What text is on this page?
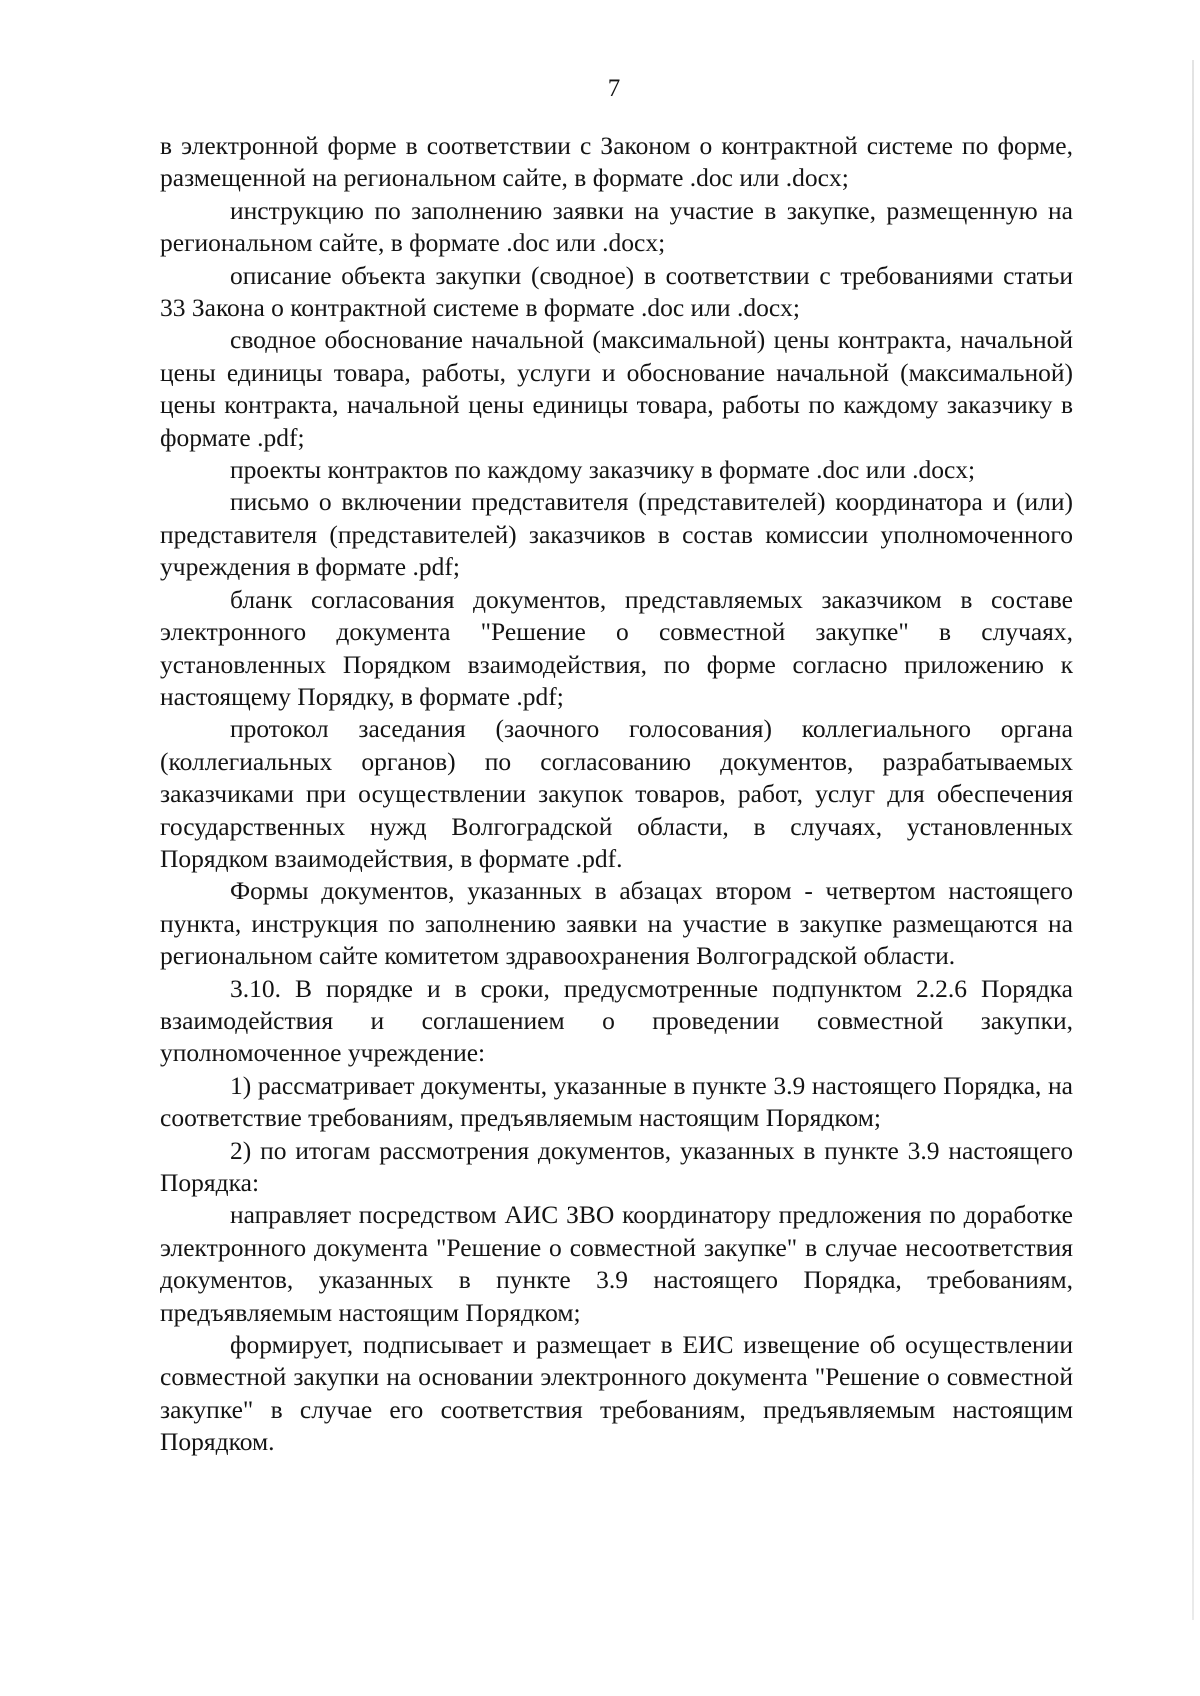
7

в электронной форме в соответствии с Законом о контрактной системе по форме, размещенной на региональном сайте, в формате .doc или .docx;

инструкцию по заполнению заявки на участие в закупке, размещенную на региональном сайте, в формате .doc или .docx;

описание объекта закупки (сводное) в соответствии с требованиями статьи 33 Закона о контрактной системе в формате .doc или .docx;

сводное обоснование начальной (максимальной) цены контракта, начальной цены единицы товара, работы, услуги и обоснование начальной (максимальной) цены контракта, начальной цены единицы товара, работы по каждому заказчику в формате .pdf;

проекты контрактов по каждому заказчику в формате .doc или .docx;

письмо о включении представителя (представителей) координатора и (или) представителя (представителей) заказчиков в состав комиссии уполномоченного учреждения в формате .pdf;

бланк согласования документов, представляемых заказчиком в составе электронного документа "Решение о совместной закупке" в случаях, установленных Порядком взаимодействия, по форме согласно приложению к настоящему Порядку, в формате .pdf;

протокол заседания (заочного голосования) коллегиального органа (коллегиальных органов) по согласованию документов, разрабатываемых заказчиками при осуществлении закупок товаров, работ, услуг для обеспечения государственных нужд Волгоградской области, в случаях, установленных Порядком взаимодействия, в формате .pdf.

Формы документов, указанных в абзацах втором - четвертом настоящего пункта, инструкция по заполнению заявки на участие в закупке размещаются на региональном сайте комитетом здравоохранения Волгоградской области.

3.10. В порядке и в сроки, предусмотренные подпунктом 2.2.6 Порядка взаимодействия и соглашением о проведении совместной закупки, уполномоченное учреждение:

1) рассматривает документы, указанные в пункте 3.9 настоящего Порядка, на соответствие требованиям, предъявляемым настоящим Порядком;

2) по итогам рассмотрения документов, указанных в пункте 3.9 настоящего Порядка:

направляет посредством АИС ЗВО координатору предложения по доработке электронного документа "Решение о совместной закупке" в случае несоответствия документов, указанных в пункте 3.9 настоящего Порядка, требованиям, предъявляемым настоящим Порядком;

формирует, подписывает и размещает в ЕИС извещение об осуществлении совместной закупки на основании электронного документа "Решение о совместной закупке" в случае его соответствия требованиям, предъявляемым настоящим Порядком.
